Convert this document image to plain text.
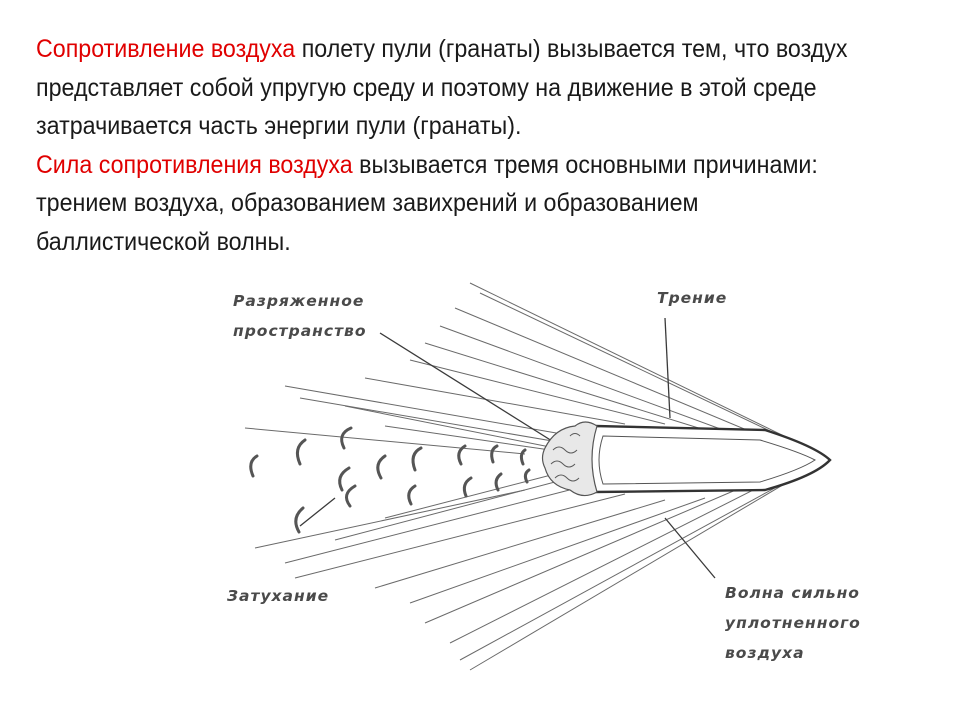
Сопротивление воздуха полету пули (гранаты) вызывается тем, что воздух представляет собой упругую среду и поэтому на движение в этой среде затрачивается часть энергии пули (гранаты).

Сила сопротивления воздуха вызывается тремя основными причинами: трением воздуха, образованием завихрений и образованием баллистической волны.

Разряженное
пространство
Трение
Затухание	Волна сильно
уплотненного
воздуха
